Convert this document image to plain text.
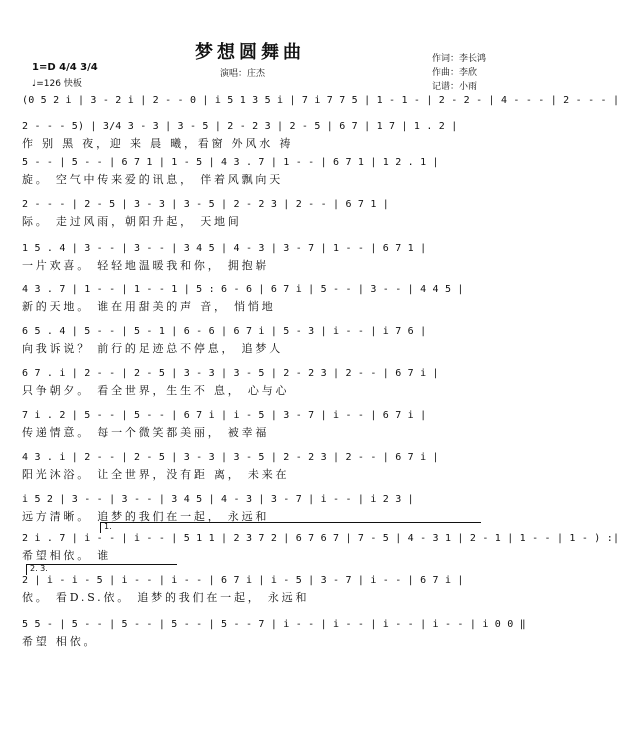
梦想圆舞曲
1=D 4/4 3/4
♩=126 快板
演唱：庄杰
作词：李长鸿
作曲：李欣
记谱：小雨
(0 5 2 i | 3 - 2 i | 2 - - 0 | i 5 1 3 5 i | 7 i 7 7 5 | 1 - 1 - | 2 - 2 - | 4 - - - | 2 - - - |
2 - - - 5) | 3/4 3 - 3 | 3 - 5 | 2 - 2 3 | 2 - 5 | 6 7 | 1 7 | 1 . 2 |
作 别 黑 夜，迎 来 晨 曦，看窗 外风水 祷
5 - - | 5 - - | 6 7 1 | 1 - 5 | 4 3 . 7 | 1 - - | 6 7 1 | 1 2 . 1 |
旋。 空气中传来爱的讯息， 伴着风飘向天
2 - - - | 2 - 5 | 3 - 3 | 3 - 5 | 2 - 2 3 | 2 - - | 6 7 1 |
际。 走过风雨，朝阳升起， 天地间
1 5 . 4 | 3 - - | 3 - - | 3 4 5 | 4 - 3 | 3 - 7 | 1 - - | 6 7 1 |
一片欢喜。 轻轻地温暖我和你， 拥抱崭
4 3 . 7 | 1 - - | 1 - - 1 | 5 : 6 - 6 | 6 7 i | 5 - - | 3 - - | 4 4 5 |
新的天地。 谁在用甜美的声 音， 悄悄地
6 5 . 4 | 5 - - | 5 - 1 | 6 - 6 | 6 7 i | 5 - 3 | i - - | i 7 6 |
向我诉说？ 前行的足迹总不停息， 追梦人
6 7 . i | 2 - - | 2 - 5 | 3 - 3 | 3 - 5 | 2 - 2 3 | 2 - - | 6 7 i |
只争朝夕。 看全世界，生生不 息， 心与心
7 i . 2 | 5 - - | 5 - - | 6 7 i | i - 5 | 3 - 7 | i - - | 6 7 i |
传递情意。 每一个微笑都美丽， 被幸福
4 3 . i | 2 - - | 2 - 5 | 3 - 3 | 3 - 5 | 2 - 2 3 | 2 - - | 6 7 i |
阳光沐浴。 让全世界，没有距 离， 未来在
i 5 2 | 3 - - | 3 - - | 3 4 5 | 4 - 3 | 3 - 7 | i - - | i 2 3 |
远方清晰。 追梦的我们在一起， 永远和
1.
2 i . 7 | i - - | i - - | 5 1 1 | 2 3 7 2 | 6 7 6 7 | 7 - 5 | 4 - 3 1 | 2 - 1 | 1 - - | 1 - ) :|
希望相依。 谁
2. 3.
2 | i - i - 5 | i - - | i - - | 6 7 i | i - 5 | 3 - 7 | i - - | 6 7 i |
依。 看D.S.依。 追梦的我们在一起， 永远和
5 5 - | 5 - - | 5 - - | 5 - - | 5 - - 7 | i - - | i - - | i - - | i - - | i 0 0 ‖
希望 相依。
